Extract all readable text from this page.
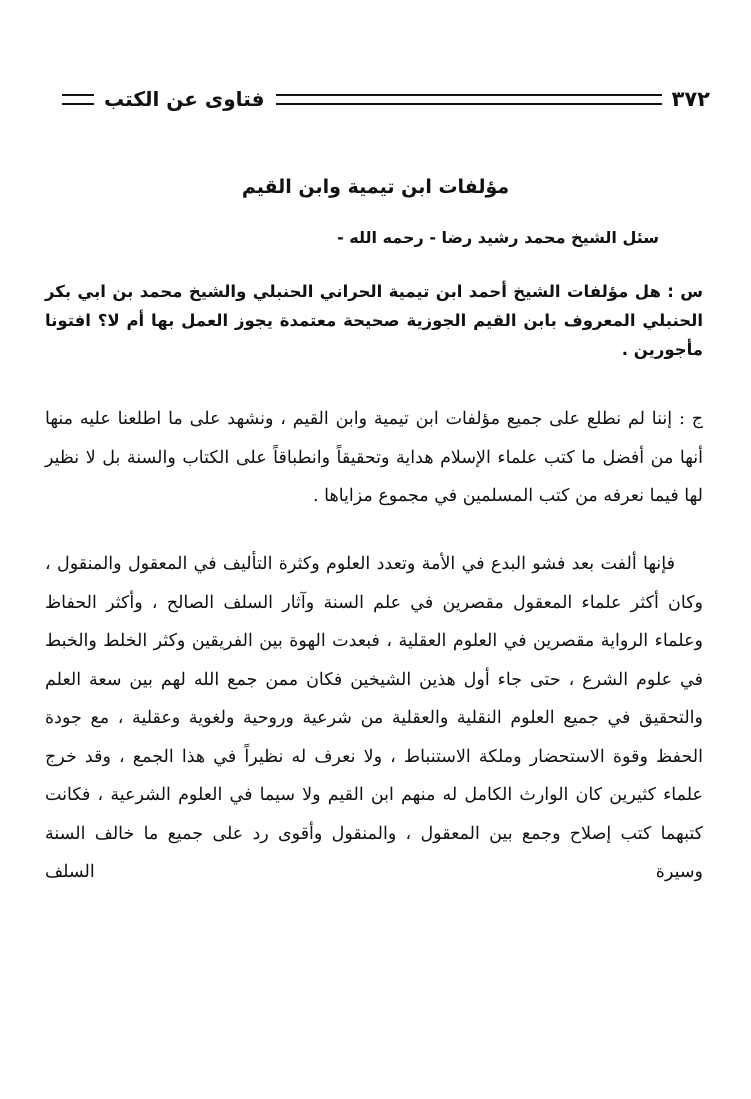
٣٧٢
فتاوى عن الكتب
مؤلفات ابن تيمية وابن القيم
سئل الشيخ محمد رشيد رضا - رحمه الله -
س : هل مؤلفات الشيخ أحمد ابن تيمية الحراني الحنبلي والشيخ محمد بن ابي بكر الحنبلي المعروف بابن القيم الجوزية صحيحة معتمدة يجوز العمل بها أم لا؟ افتونا مأجورين .
ج : إننا لم نطلع على جميع مؤلفات ابن تيمية وابن القيم ، ونشهد على ما اطلعنا عليه منها أنها من أفضل ما كتب علماء الإسلام هداية وتحقيقاً وانطباقاً على الكتاب والسنة بل لا نظير لها فيما نعرفه من كتب المسلمين في مجموع مزاياها .
فإنها ألفت بعد فشو البدع في الأمة وتعدد العلوم وكثرة التأليف في المعقول والمنقول ، وكان أكثر علماء المعقول مقصرين في علم السنة وآثار السلف الصالح ، وأكثر الحفاظ وعلماء الرواية مقصرين في العلوم العقلية ، فبعدت الهوة بين الفريقين وكثر الخلط والخبط في علوم الشرع ، حتى جاء أول هذين الشيخين فكان ممن جمع الله لهم بين سعة العلم والتحقيق في جميع العلوم النقلية والعقلية من شرعية وروحية ولغوية وعقلية ، مع جودة الحفظ وقوة الاستحضار وملكة الاستنباط ، ولا نعرف له نظيراً في هذا الجمع ، وقد خرج علماء كثيرين كان الوارث الكامل له منهم ابن القيم ولا سيما في العلوم الشرعية ، فكانت كتبهما كتب إصلاح وجمع بين المعقول ، والمنقول وأقوى رد على جميع ما خالف السنة وسيرة السلف
